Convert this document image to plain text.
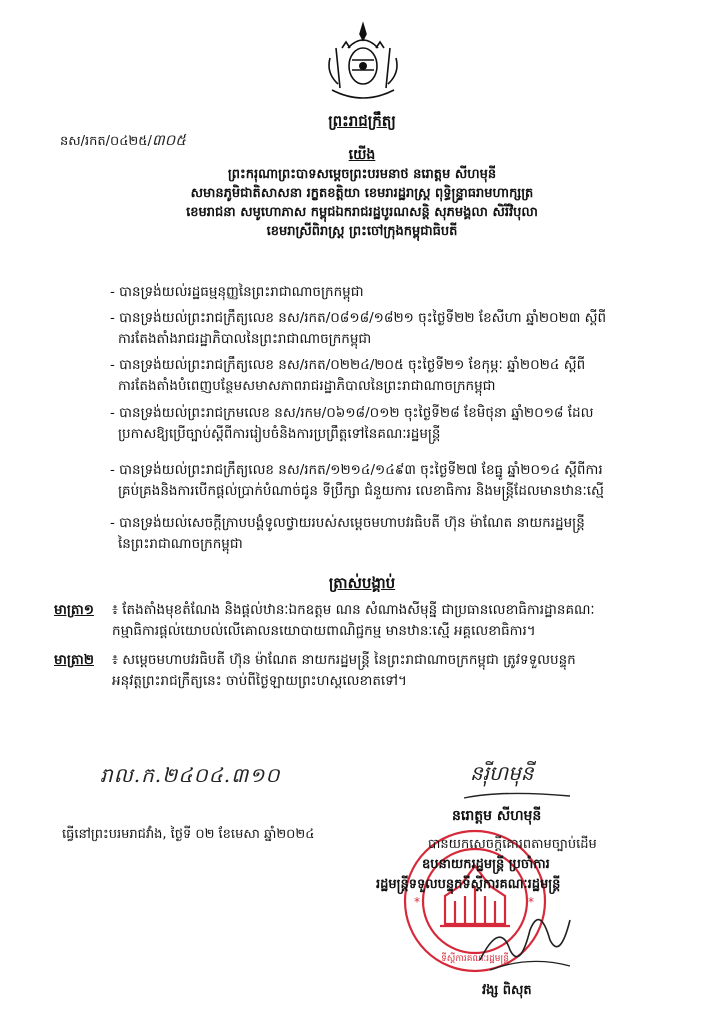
ព្រះរាជក្រឹត្យ
នស/រកត/០៤២៥/៣០៥
យើង
ព្រះករុណាព្រះបាទសម្តេចព្រះបរមនាថ នរោត្តម សីហមុនី
សមានភូមិជាតិសាសនា រក្ខតខត្តិយា ខេមរារដ្ឋរាស្ត្រ ពុទ្ធិន្ទ្រាធរាមហាក្សត្រ
ខេមរាជនា សមូហោភាស កម្ពុជឯករាជរដ្ឋបូរណសន្តិ សុភមង្គលា សិរីវិបុលា
ខេមរាស្រីពិរាស្ត្រ ព្រះចៅក្រុងកម្ពុជាធិបតី
- បានទ្រង់យល់រដ្ឋធម្មនុញ្ញនៃព្រះរាជាណាចក្រកម្ពុជា
- បានទ្រង់យល់ព្រះរាជក្រឹត្យលេខ នស/រកត/០៨១៨/១៨២១ ចុះថ្ងៃទី២២ ខែសីហា ឆ្នាំ២០២៣ ស្តីពី
ការតែងតាំងរាជរដ្ឋាភិបាលនៃព្រះរាជាណាចក្រកម្ពុជា
- បានទ្រង់យល់ព្រះរាជក្រឹត្យលេខ នស/រកត/០២២៤/២០៥ ចុះថ្ងៃទី២១ ខែកុម្ភៈ ឆ្នាំ២០២៤ ស្តីពី
ការតែងតាំងបំពេញបន្ថែមសមាសភាពរាជរដ្ឋាភិបាលនៃព្រះរាជាណាចក្រកម្ពុជា
- បានទ្រង់យល់ព្រះរាជក្រមលេខ នស/រកម/០៦១៨/០១២ ចុះថ្ងៃទី២៨ ខែមិថុនា ឆ្នាំ២០១៨ ដែល
ប្រកាសឱ្យប្រើច្បាប់ស្តីពីការរៀបចំនិងការប្រព្រឹត្តទៅនៃគណៈរដ្ឋមន្ត្រី
- បានទ្រង់យល់ព្រះរាជក្រឹត្យលេខ នស/រកត/១២១៤/១៤៩៣ ចុះថ្ងៃទី២៧ ខែធ្នូ ឆ្នាំ២០១៤ ស្តីពីការ
គ្រប់គ្រងនិងការបើកផ្តល់ប្រាក់បំណាច់ជូន ទីប្រឹក្សា ជំនួយការ លេខាធិការ និងមន្ត្រីដែលមានឋានៈស្មើ
- បានទ្រង់យល់សេចក្តីក្រាបបង្គំទូលថ្វាយរបស់សម្តេចមហាបវរធិបតី ហ៊ុន ម៉ាណែត នាយករដ្ឋមន្ត្រី
នៃព្រះរាជាណាចក្រកម្ពុជា
ត្រាស់បង្គាប់
មាត្រា១ ៖ តែងតាំងមុខតំណែង និងផ្តល់ឋានៈឯកឧត្តម ណន សំណាងសីមុន្នី ជាប្រធានលេខាធិការដ្ឋានគណៈ
កម្មាធិការផ្តល់យោបល់លើគោលនយោបាយពាណិជ្ជកម្ម មានឋានៈស្មើ អគ្គលេខាធិការ។
មាត្រា២ ៖ សម្តេចមហាបវរធិបតី ហ៊ុន ម៉ាណែត នាយករដ្ឋមន្ត្រី នៃព្រះរាជាណាចក្រកម្ពុជា ត្រូវទទួលបន្ទុក
អនុវត្តព្រះរាជក្រឹត្យនេះ ចាប់ពីថ្ងៃឡាយព្រះហស្តលេខាតទៅ។
រាល.ក.២៤០៤.៣១០	នរ៉ីហមុនី
នរោត្តម សីហមុនី
ទីស្តីការគណៈរដ្ឋមន្ត្រី
*	*
ធ្វើនៅព្រះបរមរាជវាំង, ថ្ងៃទី ០២ ខែមេសា ឆ្នាំ២០២៤
បានយកសេចក្តីគោរពតាមច្បាប់ដើម
ឧបនាយករដ្ឋមន្ត្រី ប្រចាំការ
រដ្ឋមន្ត្រីទទួលបន្ទុកទីស្តីការគណៈរដ្ឋមន្ត្រី
វង្ស ពិសុត
